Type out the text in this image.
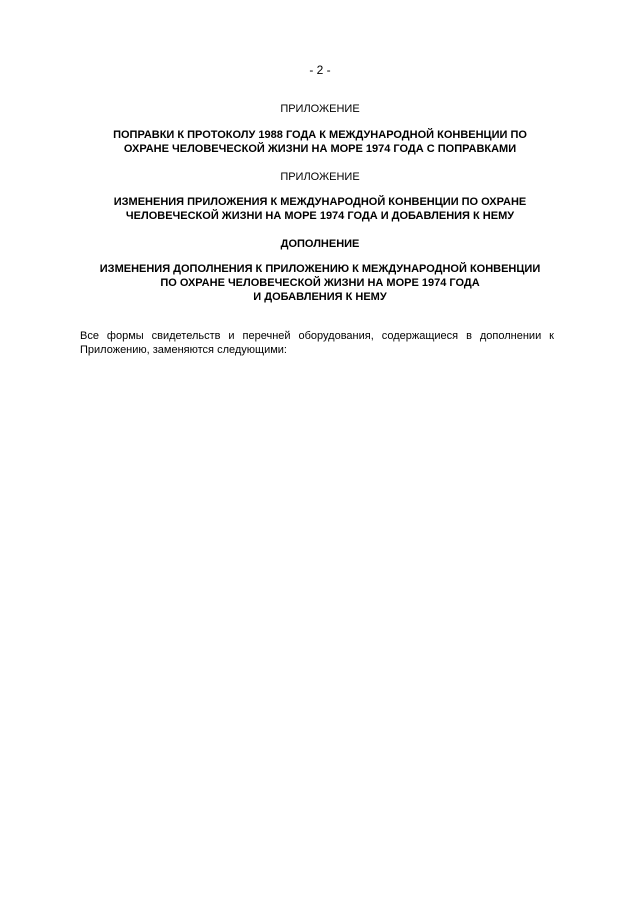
- 2 -
ПРИЛОЖЕНИЕ
ПОПРАВКИ К ПРОТОКОЛУ 1988 ГОДА К МЕЖДУНАРОДНОЙ КОНВЕНЦИИ ПО
ОХРАНЕ ЧЕЛОВЕЧЕСКОЙ ЖИЗНИ НА МОРЕ 1974 ГОДА С ПОПРАВКАМИ
ПРИЛОЖЕНИЕ
ИЗМЕНЕНИЯ ПРИЛОЖЕНИЯ К МЕЖДУНАРОДНОЙ КОНВЕНЦИИ ПО ОХРАНЕ
ЧЕЛОВЕЧЕСКОЙ ЖИЗНИ НА МОРЕ 1974 ГОДА И ДОБАВЛЕНИЯ К НЕМУ
ДОПОЛНЕНИЕ
ИЗМЕНЕНИЯ ДОПОЛНЕНИЯ К ПРИЛОЖЕНИЮ К МЕЖДУНАРОДНОЙ КОНВЕНЦИИ
ПО ОХРАНЕ ЧЕЛОВЕЧЕСКОЙ ЖИЗНИ НА МОРЕ 1974 ГОДА
И ДОБАВЛЕНИЯ К НЕМУ

Все формы свидетельств и перечней оборудования, содержащиеся в дополнении к Приложению, заменяются следующими:
